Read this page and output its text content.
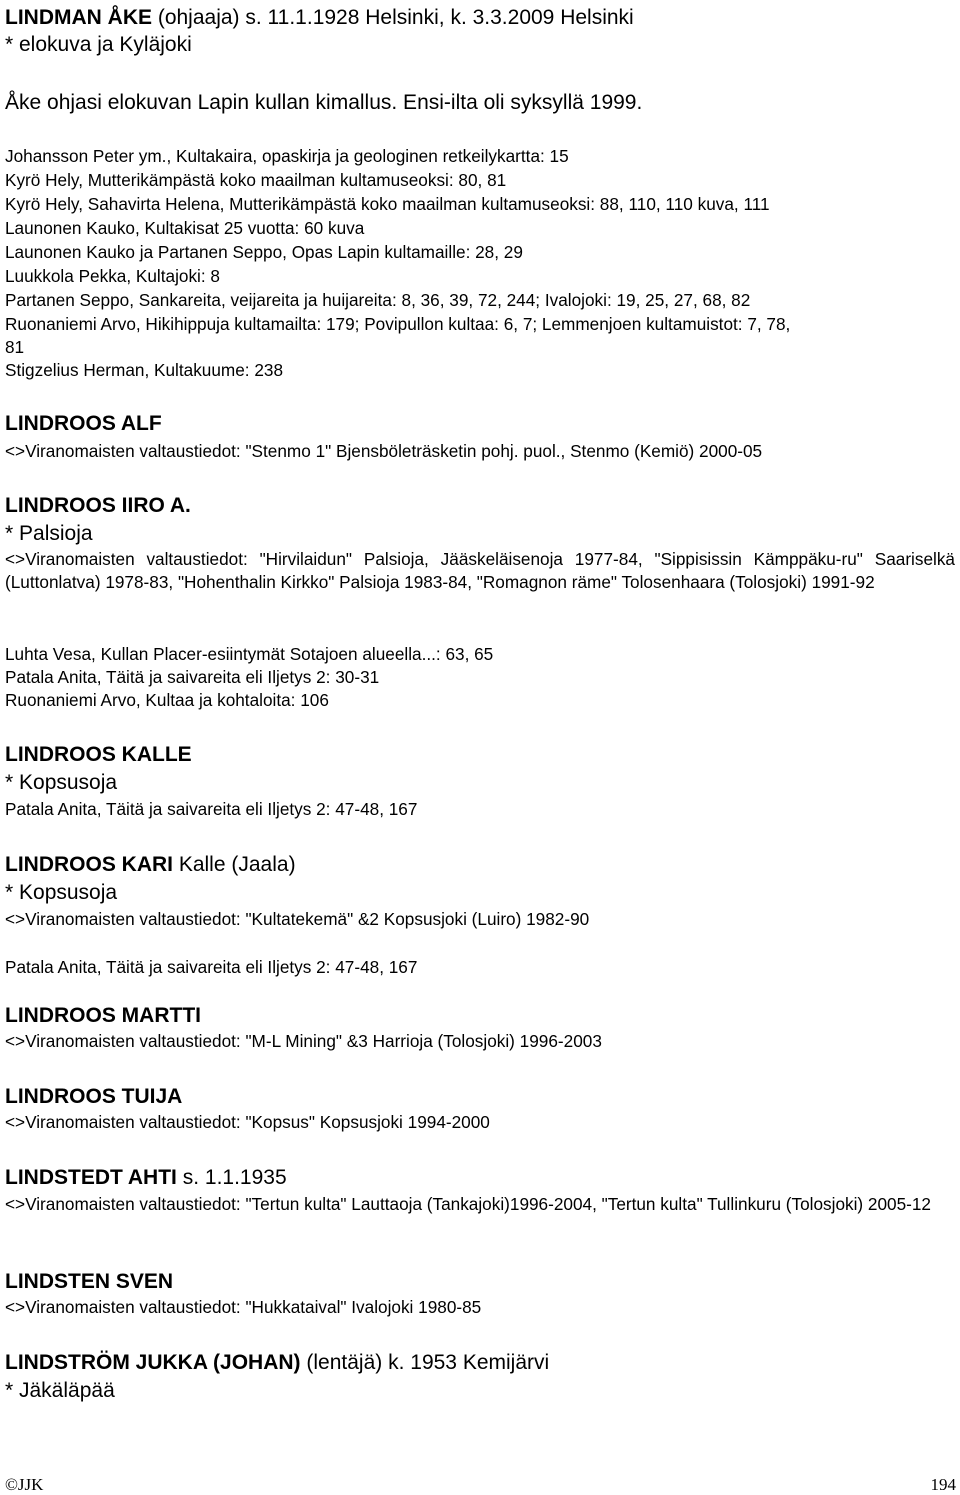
LINDMAN ÅKE (ohjaaja) s. 11.1.1928 Helsinki, k. 3.3.2009 Helsinki
* elokuva ja Kyläjoki
Åke ohjasi elokuvan Lapin kullan kimallus. Ensi-ilta oli syksyllä 1999.
Johansson Peter ym., Kultakaira, opaskirja ja geologinen retkeilykartta: 15
Kyrö Hely, Mutterikämpästä koko maailman kultamuseoksi: 80, 81
Kyrö Hely, Sahavirta Helena, Mutterikämpästä koko maailman kultamuseoksi: 88, 110, 110 kuva, 111
Launonen Kauko, Kultakisat 25 vuotta: 60 kuva
Launonen Kauko ja Partanen Seppo, Opas Lapin kultamaille: 28, 29
Luukkola Pekka, Kultajoki: 8
Partanen Seppo, Sankareita, veijareita ja huijareita: 8, 36, 39, 72, 244; Ivalojoki: 19, 25, 27, 68, 82
Ruonaniemi Arvo, Hikihippuja kultamailta: 179; Povipullon kultaa: 6, 7; Lemmenjoen kultamuistot: 7, 78,
81
Stigzelius Herman, Kultakuume: 238
LINDROOS ALF
<>Viranomaisten valtaustiedot: "Stenmo 1" Bjensböleträsketin pohj. puol., Stenmo (Kemiö) 2000-05
LINDROOS IIRO A.
* Palsioja
<>Viranomaisten valtaustiedot: "Hirvilaidun" Palsioja, Jääskeläisenoja 1977-84, "Sippisissin Kämppäku-ru" Saariselkä (Luttonlatva) 1978-83, "Hohenthalin Kirkko" Palsioja 1983-84, "Romagnon räme" Tolosenhaara (Tolosjoki) 1991-92
Luhta Vesa, Kullan Placer-esiintymät Sotajoen alueella...: 63, 65
Patala Anita, Täitä ja saivareita eli Iljetys 2: 30-31
Ruonaniemi Arvo, Kultaa ja kohtaloita: 106
LINDROOS KALLE
* Kopsusoja
Patala Anita, Täitä ja saivareita eli Iljetys 2: 47-48, 167
LINDROOS KARI Kalle (Jaala)
* Kopsusoja
<>Viranomaisten valtaustiedot: "Kultatekemä" &2 Kopsusjoki (Luiro) 1982-90
Patala Anita, Täitä ja saivareita eli Iljetys 2: 47-48, 167
LINDROOS MARTTI
<>Viranomaisten valtaustiedot: "M-L Mining" &3 Harrioja (Tolosjoki) 1996-2003
LINDROOS TUIJA
<>Viranomaisten valtaustiedot: "Kopsus" Kopsusjoki 1994-2000
LINDSTEDT AHTI s. 1.1.1935
<>Viranomaisten valtaustiedot: "Tertun kulta" Lauttaoja (Tankajoki)1996-2004, "Tertun kulta" Tullinkuru (Tolosjoki) 2005-12
LINDSTEN SVEN
<>Viranomaisten valtaustiedot: "Hukkataival" Ivalojoki 1980-85
LINDSTRÖM JUKKA (JOHAN) (lentäjä) k. 1953 Kemijärvi
* Jäkäläpää
©JJK	194
